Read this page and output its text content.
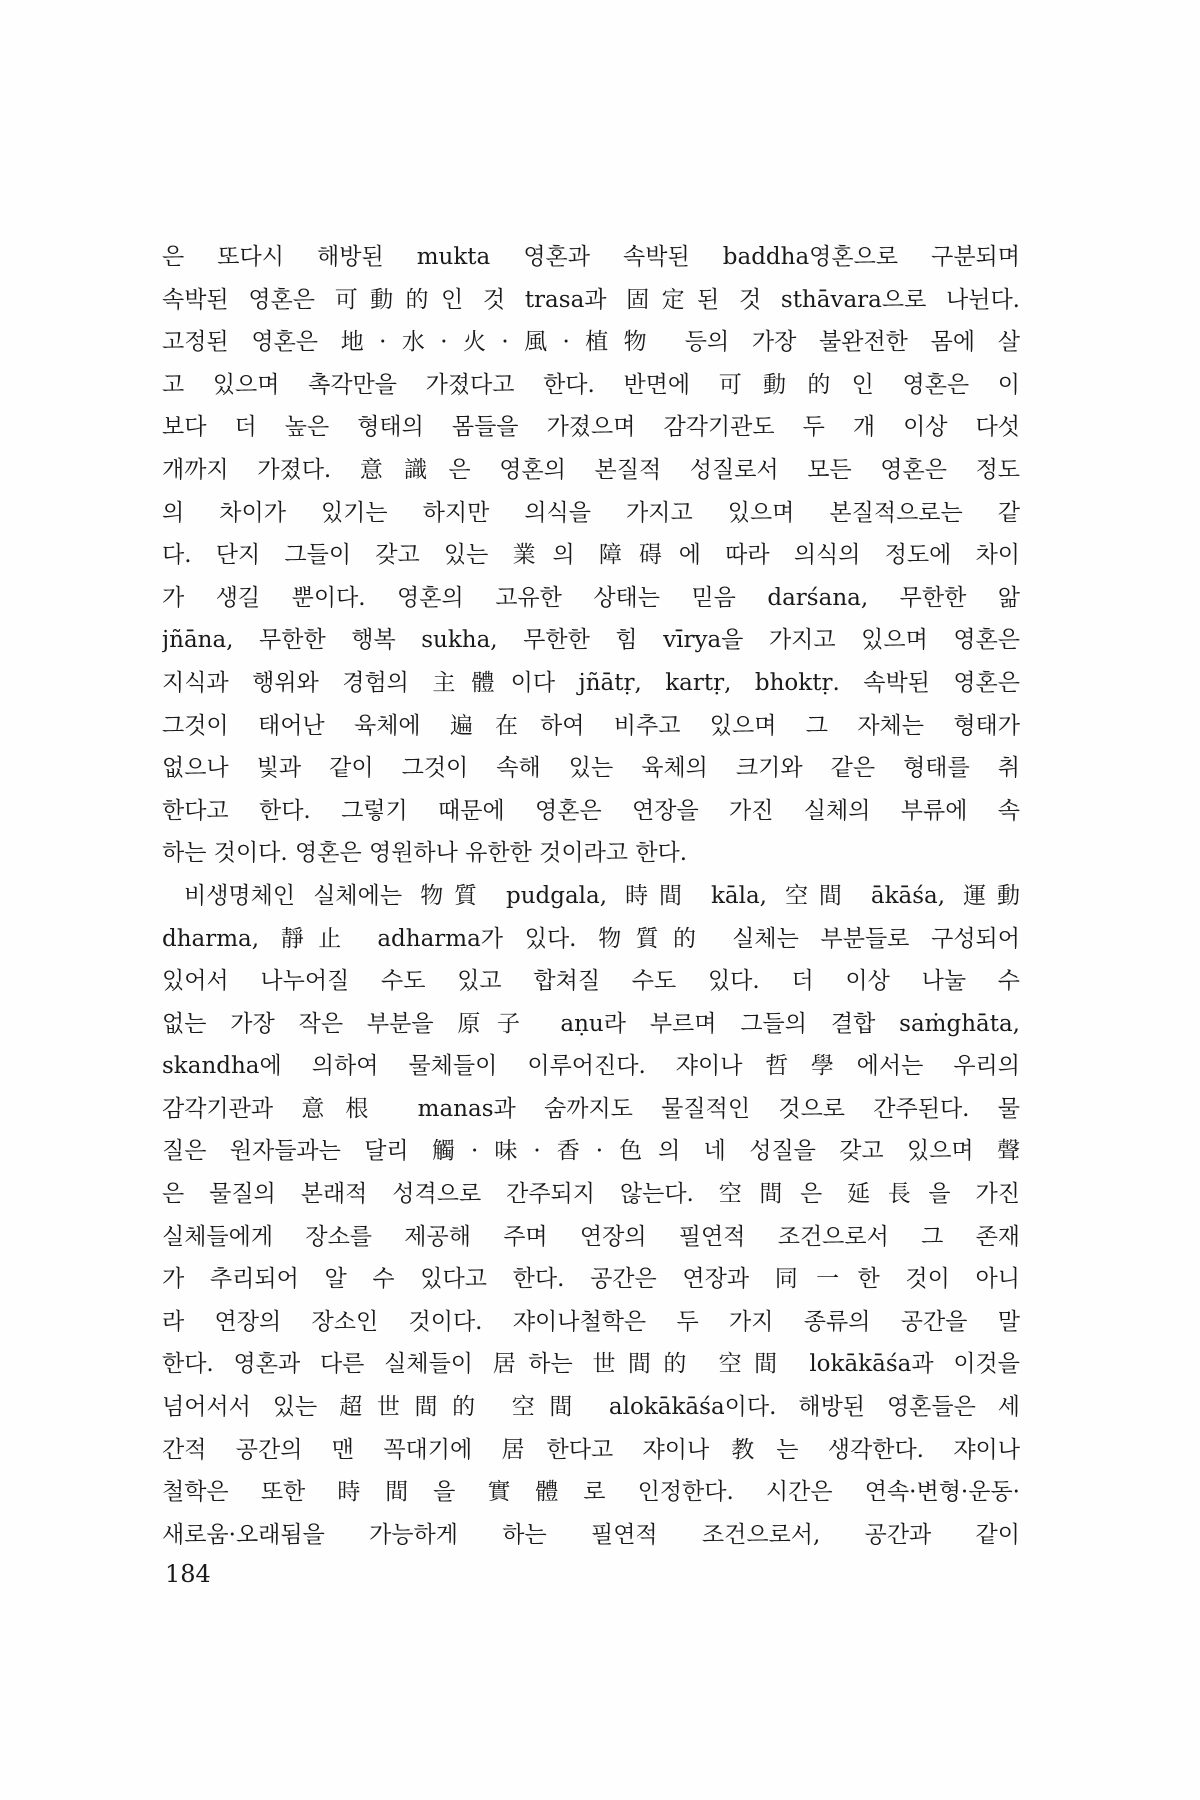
은 또다시 해방된 mukta 영혼과 속박된 baddha영혼으로 구분되며
속박된 영혼은 可動的인 것 trasa과 固定된 것 sthāvara으로 나뉜다.
고정된 영혼은 地·水·火·風·植物 등의 가장 불완전한 몸에 살
고 있으며 촉각만을 가졌다고 한다. 반면에 可動的인 영혼은 이
보다 더 높은 형태의 몸들을 가졌으며 감각기관도 두 개 이상 다섯
개까지 가졌다. 意識은 영혼의 본질적 성질로서 모든 영혼은 정도
의 차이가 있기는 하지만 의식을 가지고 있으며 본질적으로는 같
다. 단지 그들이 갖고 있는 業의 障碍에 따라 의식의 정도에 차이
가 생길 뿐이다. 영혼의 고유한 상태는 믿음 darśana, 무한한 앎
jñāna, 무한한 행복 sukha, 무한한 힘 vīrya을 가지고 있으며 영혼은
지식과 행위와 경험의 主體이다 jñātṛ, kartṛ, bhoktṛ. 속박된 영혼은
그것이 태어난 육체에 遍在하여 비추고 있으며 그 자체는 형태가
없으나 빛과 같이 그것이 속해 있는 육체의 크기와 같은 형태를 취
한다고 한다. 그렇기 때문에 영혼은 연장을 가진 실체의 부류에 속
하는 것이다. 영혼은 영원하나 유한한 것이라고 한다.
비생명체인 실체에는 物質 pudgala, 時間 kāla, 空間 ākāśa, 運動
dharma, 靜止 adharma가 있다. 物質的 실체는 부분들로 구성되어
있어서 나누어질 수도 있고 합쳐질 수도 있다. 더 이상 나눌 수
없는 가장 작은 부분을 原子 aṇu라 부르며 그들의 결합 saṁghāta,
skandha에 의하여 물체들이 이루어진다. 쟈이나哲學에서는 우리의
감각기관과 意根 manas과 숨까지도 물질적인 것으로 간주된다. 물
질은 원자들과는 달리 觸·味·香·色의 네 성질을 갖고 있으며 聲
은 물질의 본래적 성격으로 간주되지 않는다. 空間은 延長을 가진
실체들에게 장소를 제공해 주며 연장의 필연적 조건으로서 그 존재
가 추리되어 알 수 있다고 한다. 공간은 연장과 同一한 것이 아니
라 연장의 장소인 것이다. 쟈이나철학은 두 가지 종류의 공간을 말
한다. 영혼과 다른 실체들이 居하는 世間的 空間 lokākāśa과 이것을
넘어서서 있는 超世間的 空間 alokākāśa이다. 해방된 영혼들은 세
간적 공간의 맨 꼭대기에 居한다고 쟈이나教는 생각한다. 쟈이나
철학은 또한 時間을 實體로 인정한다. 시간은 연속·변형·운동·
새로움·오래됨을 가능하게 하는 필연적 조건으로서, 공간과 같이
184
